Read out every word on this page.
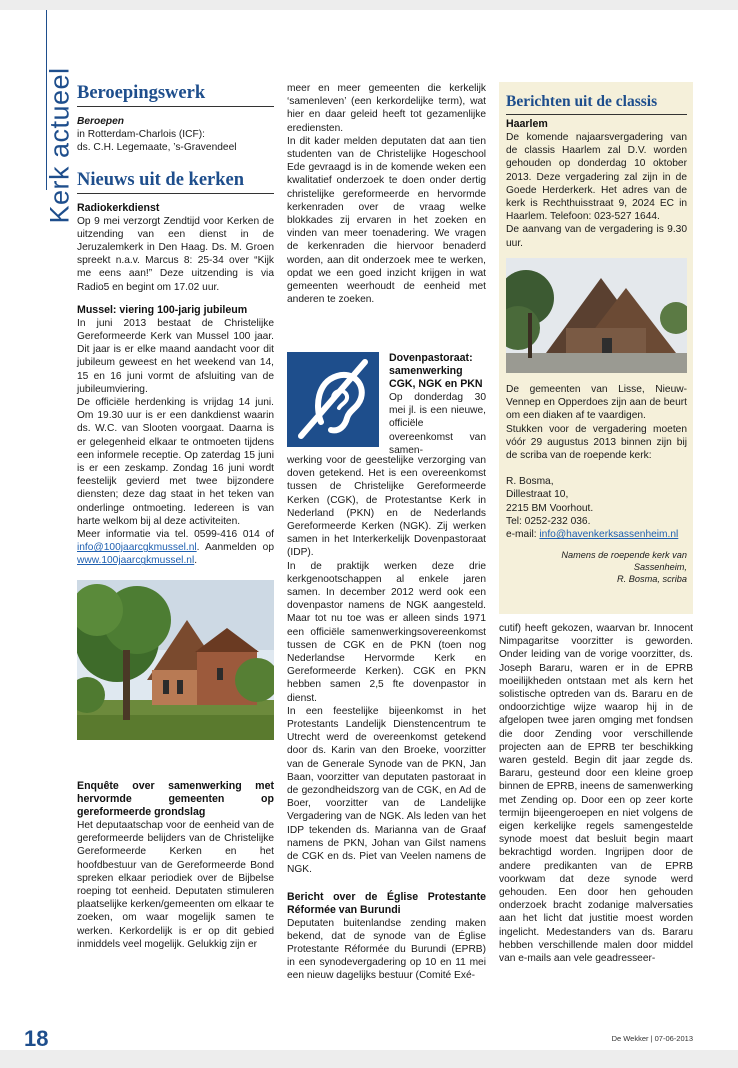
Kerk actueel Beroepingswerk

Beroepen

in Rotterdam-Charlois (ICF):

ds. C.H. Legemaate, ’s-Gravendeel

Nieuws uit de kerken

Radiokerkdienst

Op 9 mei verzorgt Zendtijd voor Kerken de uitzending van een dienst in de Jeruzalemkerk in Den Haag. Ds. M. Groen spreekt n.a.v. Marcus 8: 25-34 over “Kijk me eens aan!” Deze uitzending is via Radio5 en begint om 17.02 uur.

Mussel: viering 100-jarig jubileum

In juni 2013 bestaat de Christelijke Gereformeerde Kerk van Mussel 100 jaar. Dit jaar is er elke maand aandacht voor dit jubileum geweest en het weekend van 14, 15 en 16 juni vormt de afsluiting van de jubileumviering.

De officiële herdenking is vrijdag 14 juni. Om 19.30 uur is er een dankdienst waarin ds. W.C. van Slooten voorgaat. Daarna is er gelegenheid elkaar te ontmoeten tijdens een informele receptie. Op zaterdag 15 juni is er een zeskamp. Zondag 16 juni wordt feestelijk gevierd met twee bijzondere diensten; deze dag staat in het teken van onderlinge ontmoeting. Iedereen is van harte welkom bij al deze activiteiten.

Meer informatie via tel. 0599-416 014 of info@100jaarcgkmussel.nl. Aanmelden op www.100jaarcgkmussel.nl.

Enquête over samenwerking met hervormde gemeenten op gereformeerde grondslag

Het deputaatschap voor de eenheid van de gereformeerde belijders van de Christelijke Gereformeerde Kerken en het hoofdbestuur van de Gereformeerde Bond spreken elkaar periodiek over de Bijbelse roeping tot eenheid. Deputaten stimuleren plaatselijke kerken/gemeenten om elkaar te zoeken, om waar mogelijk samen te werken. Kerkordelijk is er op dit gebied inmiddels veel mogelijk. Gelukkig zijn er

meer en meer gemeenten die kerkelijk ‘samenleven’ (een kerkordelijke term), wat hier en daar geleid heeft tot gezamenlijke erediensten.

In dit kader melden deputaten dat aan tien studenten van de Christelijke Hogeschool Ede gevraagd is in de komende weken een kwalitatief onderzoek te doen onder dertig christelijke gereformeerde en hervormde kerkenraden over de vraag welke blokkades zij ervaren in het zoeken en vinden van meer toenadering. We vragen de kerkenraden die hiervoor benaderd worden, aan dit onderzoek mee te werken, opdat we een goed inzicht krijgen in wat gemeenten weerhoudt de eenheid met anderen te zoeken.

Dovenpastoraat:

samenwerking

CGK, NGK en PKN

Op donderdag 30 mei jl. is een nieuwe, officiële overeenkomst van samen-

werking voor de geestelijke verzorging van doven getekend. Het is een overeenkomst tussen de Christelijke Gereformeerde Kerken (CGK), de Protestantse Kerk in Nederland (PKN) en de Nederlands Gereformeerde Kerken (NGK). Zij werken samen in het Interkerkelijk Dovenpastoraat (IDP).

In de praktijk werken deze drie kerkgenootschappen al enkele jaren samen. In december 2012 werd ook een dovenpastor namens de NGK aangesteld. Maar tot nu toe was er alleen sinds 1971 een officiële samenwerkingsovereenkomst tussen de CGK en de PKN (toen nog Nederlandse Hervormde Kerk en Gereformeerde Kerken). CGK en PKN hebben samen 2,5 fte dovenpastor in dienst.

In een feestelijke bijeenkomst in het Protestants Landelijk Dienstencentrum te Utrecht werd de overeenkomst getekend door ds. Karin van den Broeke, voorzitter van de Generale Synode van de PKN, Jan Baan, voorzitter van deputaten pastoraat in de gezondheidszorg van de CGK, en Ad de Boer, voorzitter van de Landelijke Vergadering van de NGK. Als leden van het IDP tekenden ds. Marianna van de Graaf namens de PKN, Johan van Gilst namens de CGK en ds. Piet van Veelen namens de NGK.

Bericht over de Église Protestante Réformée van Burundi

Deputaten buitenlandse zending maken bekend, dat de synode van de Église Protestante Réformée du Burundi (EPRB) in een synodevergadering op 10 en 11 mei een nieuw dagelijks bestuur (Comité Exé-

Berichten uit de classis

Haarlem

De komende najaarsvergadering van de classis Haarlem zal D.V. worden gehouden op donderdag 10 oktober 2013. Deze vergadering zal zijn in de Goede Herderkerk. Het adres van de kerk is Rechthuisstraat 9, 2024 EC in Haarlem. Telefoon: 023-527 1644.

De aanvang van de vergadering is 9.30 uur.

De gemeenten van Lisse, Nieuw-Vennep en Opperdoes zijn aan de beurt om een diaken af te vaardigen.

Stukken voor de vergadering moeten vóór 29 augustus 2013 binnen zijn bij de scriba van de roepende kerk:

R. Bosma,

Dillestraat 10,

2215 BM Voorhout.

Tel: 0252-232 036.

e-mail: info@havenkerksassenheim.nl

Namens de roepende kerk van Sassenheim,
R. Bosma, scriba

cutif) heeft gekozen, waarvan br. Innocent Nimpagaritse voorzitter is geworden. Onder leiding van de vorige voorzitter, ds. Joseph Bararu, waren er in de EPRB moeilijkheden ontstaan met als kern het solistische optreden van ds. Bararu en de ondoorzichtige wijze waarop hij in de afgelopen twee jaren omging met fondsen die door Zending voor verschillende projecten aan de EPRB ter beschikking waren gesteld. Begin dit jaar zegde ds. Bararu, gesteund door een kleine groep binnen de EPRB, ineens de samenwerking met Zending op. Door een op zeer korte termijn bijeengeroepen en niet volgens de eigen kerkelijke regels samengestelde synode moest dat besluit begin maart bekrachtigd worden. Ingrijpen door de andere predikanten van de EPRB voorkwam dat deze synode werd gehouden. Een door hen gehouden onderzoek bracht zodanige malversaties aan het licht dat justitie moest worden ingelicht. Medestanders van ds. Bararu hebben verschillende malen door middel van e-mails aan vele geadresseer-

18	De Wekker | 07-06-2013
